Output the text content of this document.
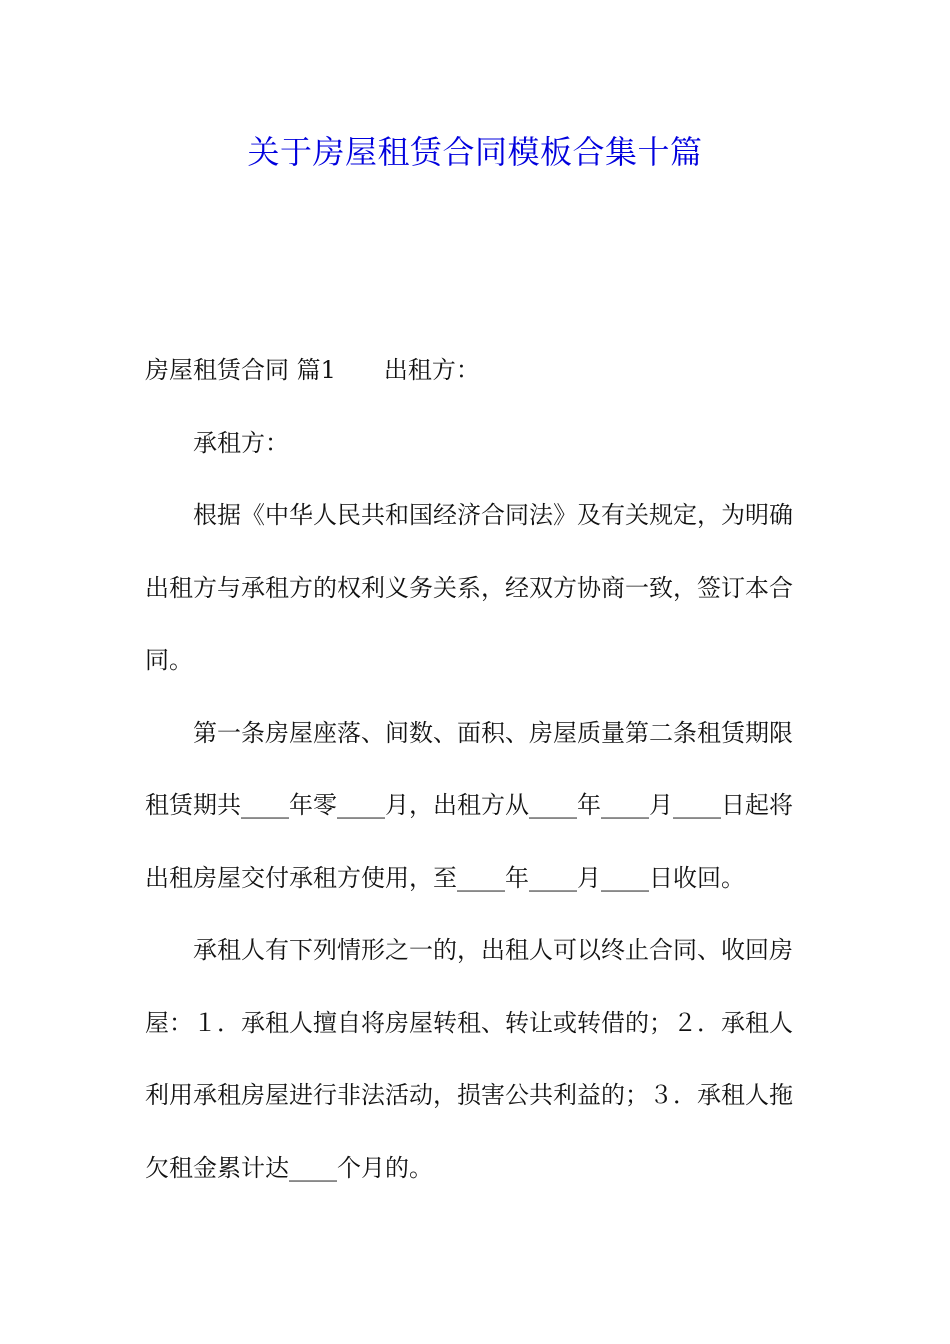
关于房屋租赁合同模板合集十篇

房屋租赁合同 篇1　　出租方：

承租方：

根据《中华人民共和国经济合同法》及有关规定，为明确出租方与承租方的权利义务关系，经双方协商一致，签订本合同。

第一条房屋座落、间数、面积、房屋质量第二条租赁期限租赁期共____年零____月，出租方从____年____月____日起将出租房屋交付承租方使用，至____年____月____日收回。

承租人有下列情形之一的，出租人可以终止合同、收回房屋：１．承租人擅自将房屋转租、转让或转借的；２．承租人利用承租房屋进行非法活动，损害公共利益的；３．承租人拖欠租金累计达____个月的。
